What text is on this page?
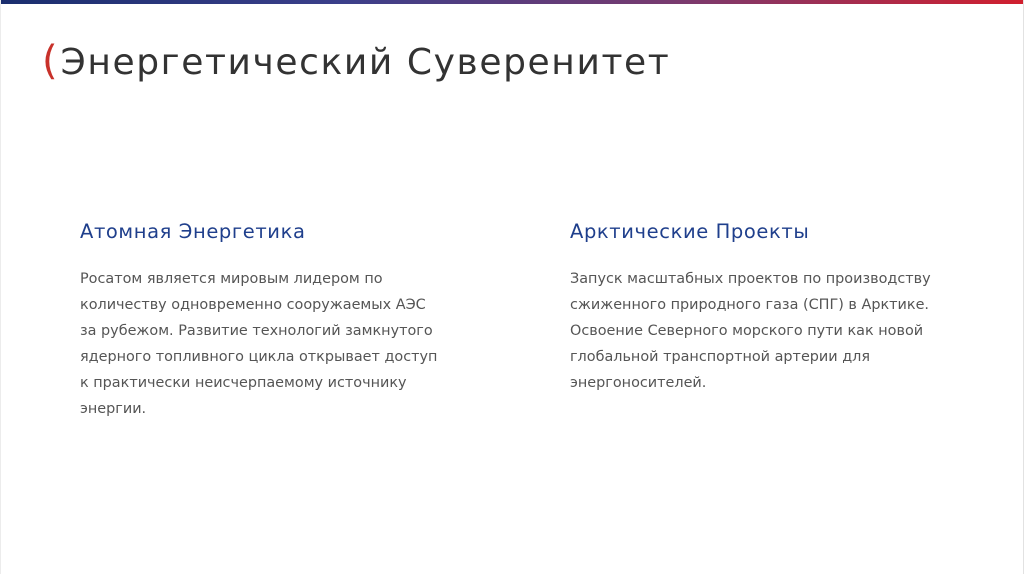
( Энергетический Суверенитет
Атомная Энергетика

Росатом является мировым лидером по
количеству одновременно сооружаемых АЭС
за рубежом. Развитие технологий замкнутого
ядерного топливного цикла открывает доступ
к практически неисчерпаемому источнику
энергии.

Арктические Проекты

Запуск масштабных проектов по производству
сжиженного природного газа (СПГ) в Арктике.
Освоение Северного морского пути как новой
глобальной транспортной артерии для
энергоносителей.
